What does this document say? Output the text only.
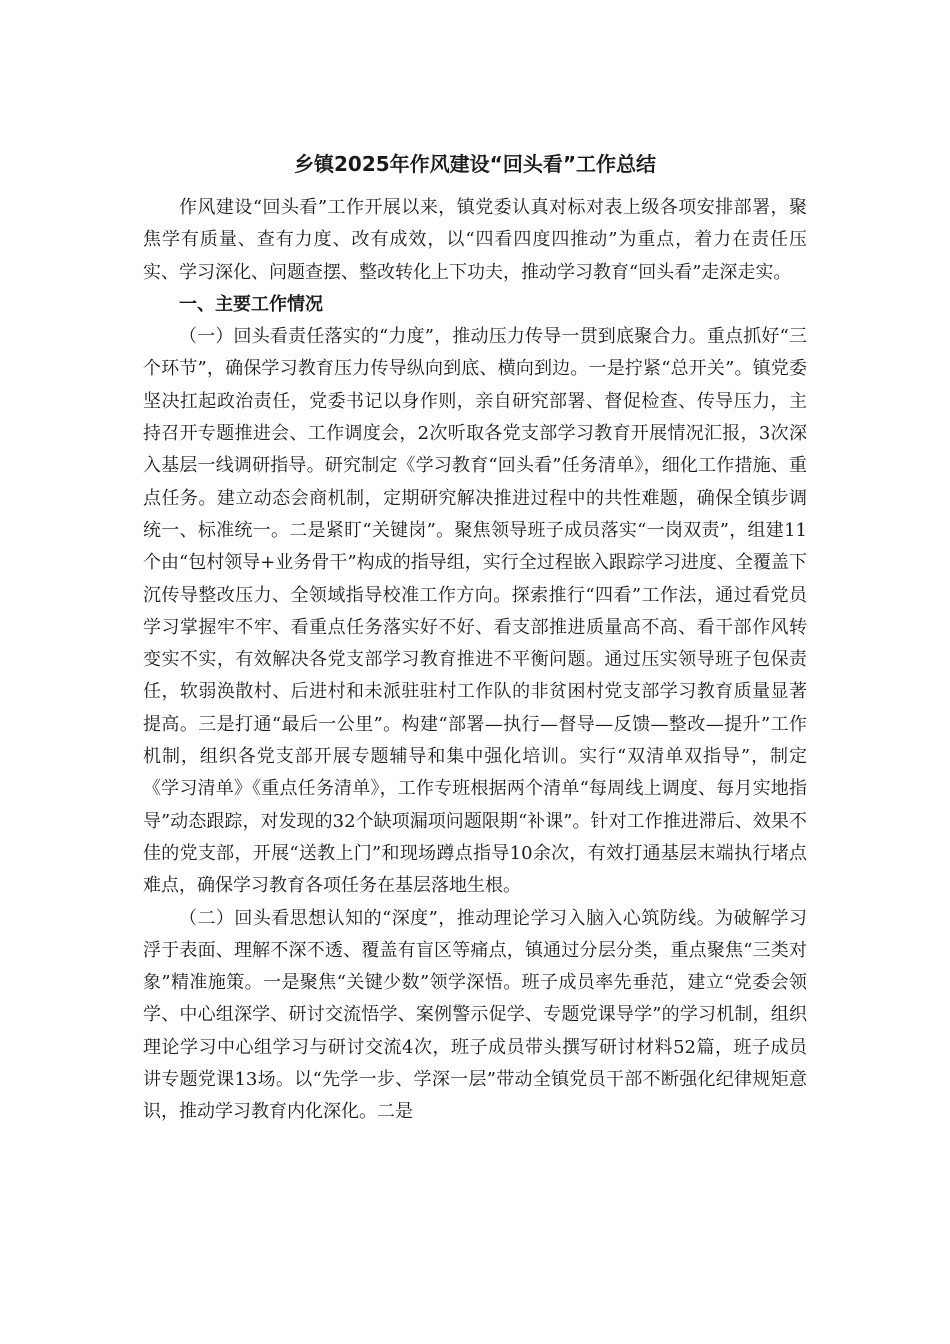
乡镇2025年作风建设“回头看”工作总结

作风建设“回头看”工作开展以来，镇党委认真对标对表上级各项安排部署，聚焦学有质量、查有力度、改有成效，以“四看四度四推动”为重点，着力在责任压实、学习深化、问题查摆、整改转化上下功夫，推动学习教育“回头看”走深走实。

一、主要工作情况

（一）回头看责任落实的“力度”，推动压力传导一贯到底聚合力。重点抓好“三个环节”，确保学习教育压力传导纵向到底、横向到边。一是拧紧“总开关”。镇党委坚决扛起政治责任，党委书记以身作则，亲自研究部署、督促检查、传导压力，主持召开专题推进会、工作调度会，2次听取各党支部学习教育开展情况汇报，3次深入基层一线调研指导。研究制定《学习教育“回头看”任务清单》，细化工作措施、重点任务。建立动态会商机制，定期研究解决推进过程中的共性难题，确保全镇步调统一、标准统一。二是紧盯“关键岗”。聚焦领导班子成员落实“一岗双责”，组建11个由“包村领导+业务骨干”构成的指导组，实行全过程嵌入跟踪学习进度、全覆盖下沉传导整改压力、全领域指导校准工作方向。探索推行“四看”工作法，通过看党员学习掌握牢不牢、看重点任务落实好不好、看支部推进质量高不高、看干部作风转变实不实，有效解决各党支部学习教育推进不平衡问题。通过压实领导班子包保责任，软弱涣散村、后进村和未派驻驻村工作队的非贫困村党支部学习教育质量显著提高。三是打通“最后一公里”。构建“部署—执行—督导—反馈—整改—提升”工作机制，组织各党支部开展专题辅导和集中强化培训。实行“双清单双指导”，制定《学习清单》《重点任务清单》，工作专班根据两个清单“每周线上调度、每月实地指导”动态跟踪，对发现的32个缺项漏项问题限期“补课”。针对工作推进滞后、效果不佳的党支部，开展“送教上门”和现场蹲点指导10余次，有效打通基层末端执行堵点难点，确保学习教育各项任务在基层落地生根。

（二）回头看思想认知的“深度”，推动理论学习入脑入心筑防线。为破解学习浮于表面、理解不深不透、覆盖有盲区等痛点，镇通过分层分类，重点聚焦“三类对象”精准施策。一是聚焦“关键少数”领学深悟。班子成员率先垂范，建立“党委会领学、中心组深学、研讨交流悟学、案例警示促学、专题党课导学”的学习机制，组织理论学习中心组学习与研讨交流4次，班子成员带头撰写研讨材料52篇，班子成员讲专题党课13场。以“先学一步、学深一层”带动全镇党员干部不断强化纪律规矩意识，推动学习教育内化深化。二是
